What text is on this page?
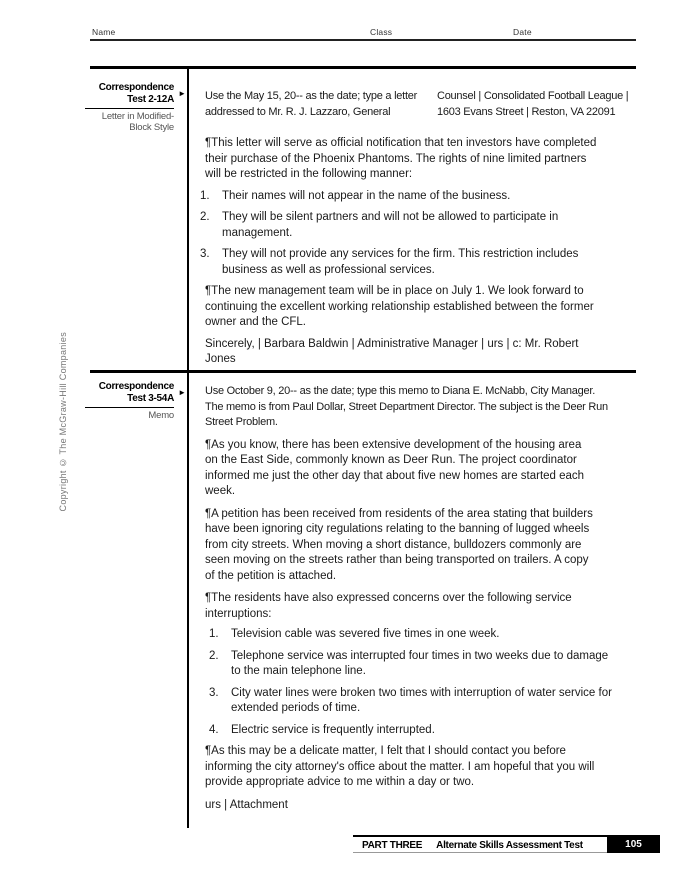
Name	Class	Date
Copyright © The McGraw-Hill Companies
Correspondence
Test 2-12A ►
Letter in Modified-
Block Style
Use the May 15, 20-- as the date; type a letter
addressed to Mr. R. J. Lazzaro, General
Counsel | Consolidated Football League |
1603 Evans Street | Reston, VA 22091
¶This letter will serve as official notification that ten investors have completed
their purchase of the Phoenix Phantoms. The rights of nine limited partners
will be restricted in the following manner:
1.	Their names will not appear in the name of the business.
2.	They will be silent partners and will not be allowed to participate in
management.
3.	They will not provide any services for the firm. This restriction includes
business as well as professional services.
¶The new management team will be in place on July 1. We look forward to
continuing the excellent working relationship established between the former
owner and the CFL.
Sincerely, | Barbara Baldwin | Administrative Manager | urs | c: Mr. Robert
Jones
Correspondence
Test 3-54A ►
Memo
Use October 9, 20-- as the date; type this memo to Diana E. McNabb, City Manager.
The memo is from Paul Dollar, Street Department Director. The subject is the Deer Run
Street Problem.
¶As you know, there has been extensive development of the housing area
on the East Side, commonly known as Deer Run. The project coordinator
informed me just the other day that about five new homes are started each
week.
¶A petition has been received from residents of the area stating that builders
have been ignoring city regulations relating to the banning of lugged wheels
from city streets. When moving a short distance, bulldozers commonly are
seen moving on the streets rather than being transported on trailers. A copy
of the petition is attached.
¶The residents have also expressed concerns over the following service
interruptions:
1.	Television cable was severed five times in one week.
2.	Telephone service was interrupted four times in two weeks due to damage
to the main telephone line.
3.	City water lines were broken two times with interruption of water service for
extended periods of time.
4.	Electric service is frequently interrupted.
¶As this may be a delicate matter, I felt that I should contact you before
informing the city attorney's office about the matter. I am hopeful that you will
provide appropriate advice to me within a day or two.
urs | Attachment
PART THREE Alternate Skills Assessment Test	105
